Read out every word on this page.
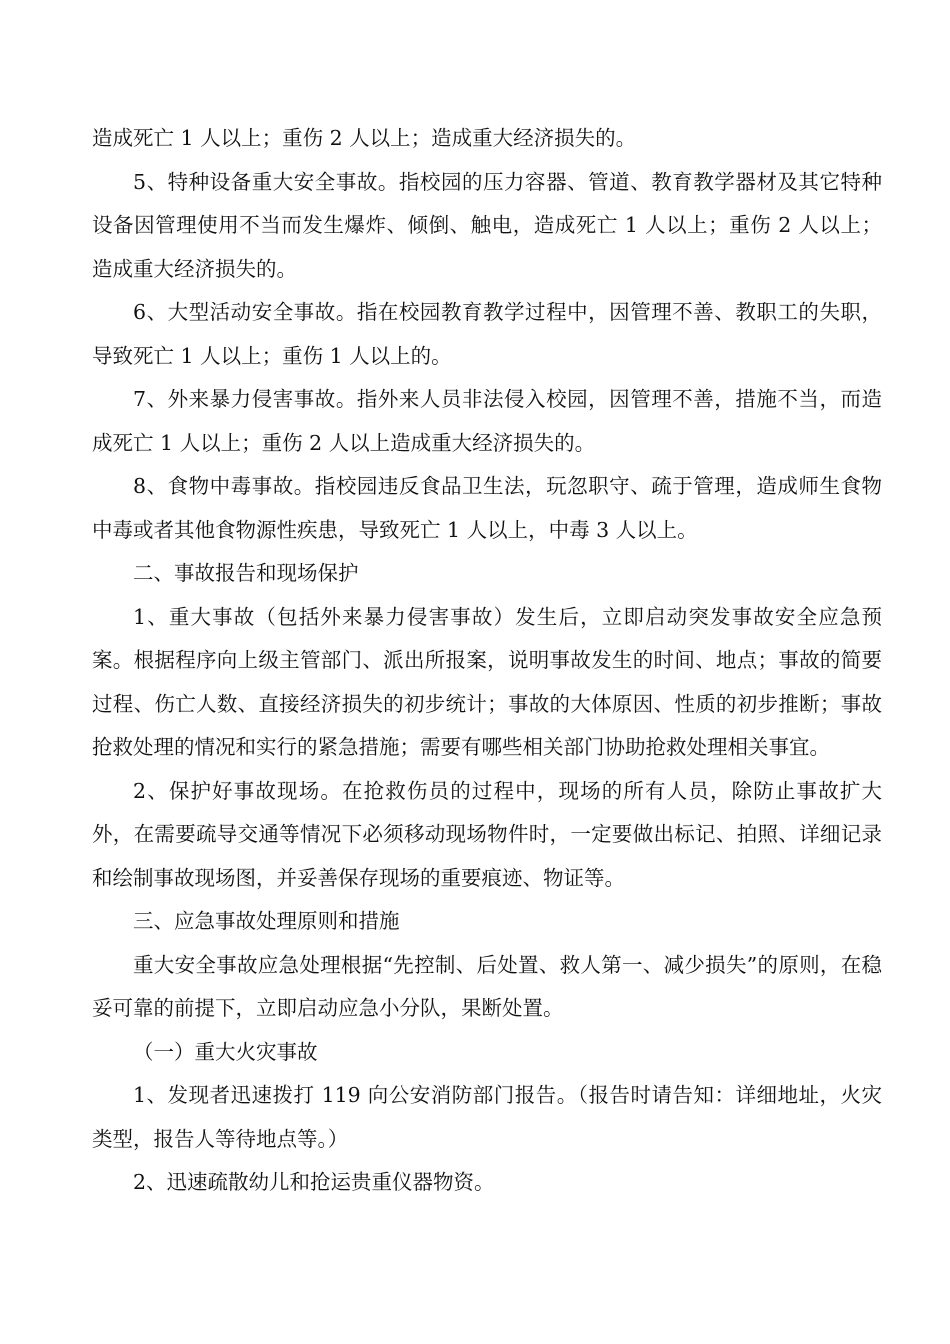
造成死亡 1 人以上；重伤 2 人以上；造成重大经济损失的。

5、特种设备重大安全事故。指校园的压力容器、管道、教育教学器材及其它特种设备因管理使用不当而发生爆炸、倾倒、触电，造成死亡 1 人以上；重伤 2 人以上；造成重大经济损失的。

6、大型活动安全事故。指在校园教育教学过程中，因管理不善、教职工的失职，导致死亡 1 人以上；重伤 1 人以上的。

7、外来暴力侵害事故。指外来人员非法侵入校园，因管理不善，措施不当，而造成死亡 1 人以上；重伤 2 人以上造成重大经济损失的。

8、食物中毒事故。指校园违反食品卫生法，玩忽职守、疏于管理，造成师生食物中毒或者其他食物源性疾患，导致死亡 1 人以上，中毒 3 人以上。

二、事故报告和现场保护

1、重大事故（包括外来暴力侵害事故）发生后，立即启动突发事故安全应急预案。根据程序向上级主管部门、派出所报案，说明事故发生的时间、地点；事故的简要过程、伤亡人数、直接经济损失的初步统计；事故的大体原因、性质的初步推断；事故抢救处理的情况和实行的紧急措施；需要有哪些相关部门协助抢救处理相关事宜。

2、保护好事故现场。在抢救伤员的过程中，现场的所有人员，除防止事故扩大外，在需要疏导交通等情况下必须移动现场物件时，一定要做出标记、拍照、详细记录和绘制事故现场图，并妥善保存现场的重要痕迹、物证等。

三、应急事故处理原则和措施

重大安全事故应急处理根据“先控制、后处置、救人第一、减少损失”的原则，在稳妥可靠的前提下，立即启动应急小分队，果断处置。

（一）重大火灾事故

1、发现者迅速拨打 119 向公安消防部门报告。（报告时请告知：详细地址，火灾类型，报告人等待地点等。）

2、迅速疏散幼儿和抢运贵重仪器物资。
